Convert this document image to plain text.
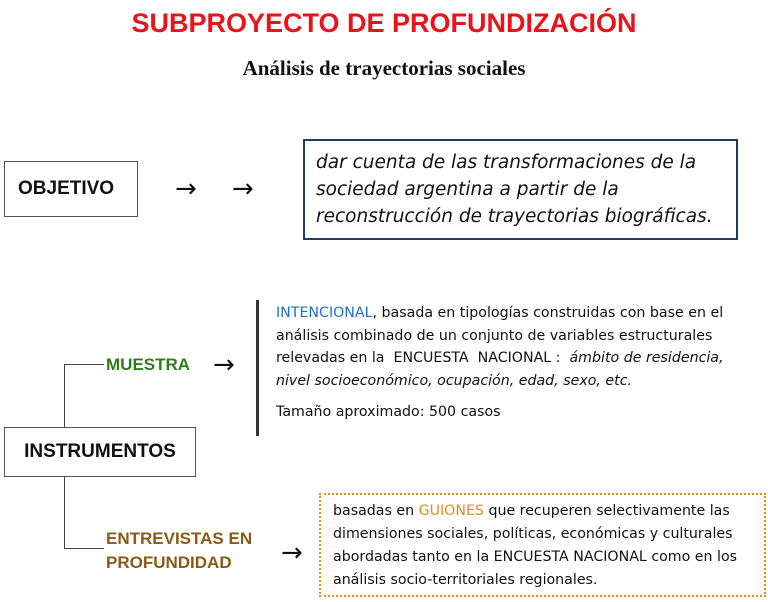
SUBPROYECTO DE PROFUNDIZACIÓN
Análisis de trayectorias sociales
OBJETIVO	→ →
dar cuenta de las transformaciones de la
sociedad argentina a partir de la
reconstrucción de trayectorias biográficas.
INSTRUMENTOS
MUESTRA →
INTENCIONAL, basada en tipologías construidas con base en el
análisis combinado de un conjunto de variables estructurales
relevadas en la  ENCUESTA  NACIONAL :  ámbito de residencia,
nivel socioeconómico, ocupación, edad, sexo, etc.
Tamaño aproximado: 500 casos
ENTREVISTAS EN
PROFUNDIDAD	→
basadas en GUIONES que recuperen selectivamente las
dimensiones sociales, políticas, económicas y culturales
abordadas tanto en la ENCUESTA NACIONAL como en los
análisis socio-territoriales regionales.
